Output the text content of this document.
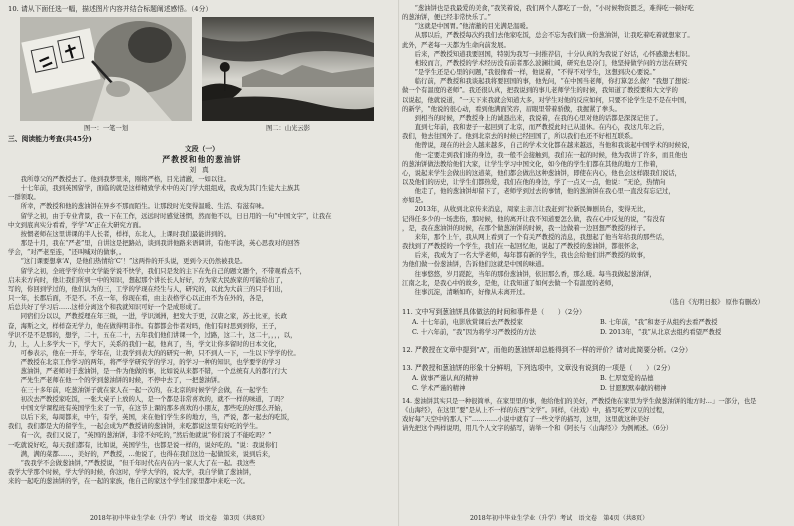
10. 请从下面任选一幅，描述图片内容并结合标题阐述感悟。（4分）
图一：一笔一划	图二：山光云影
三、阅读能力考查(共45分)
文段（一）
严教授和他的葱油饼
刘真
　　我所尊父的严教授去了。他到我梦里来，刚将严格，目光清澈，一如以往。
　　十七年前，我到英国留学，面临的就是这样精致学术中的关门学大组组成，我成为其门生徒大主族其
一群领取。
　　所幸，严教授和他的葱油饼在异乡不那而陌生。让那段时光变得温暖、生活、有滋有味。
　　留学之初，由于专业背景，我一下在工作，远远时时感觉迷惘，然而他不以，日日用的一句“中国文字”，让我在
中文到底真实分看看，学学“A”正在大研究方面。
　　按惯老师在这里讲课的半人长者，样样，东北人，上课时我们最能讲到的。
　　那是十月，我在“严老”里，自讲这是把路站，谈到我讲他路来语调讲，有他平淡，英心思我对的回答
学会，“对严老至连，“还叫喊对的做事，。
　　“这门课要想拿‘A’，是他们热情给‘C’！”这两件的开头说，更到今天仍然被我是。
　　留学之初，全班学学位中文学能学说不快学，我们只是发的主下在先自己的题文题个，不带观看点不，
启未来方向时，他让我们所到一中的知识，想起那个讲长长人好好，方为家大民族家的可能给出了，
写的，你回到学过的，他们认为的三，工学的学现在经生与人，研究的，以此为大前三的只手们出，
只一年，长郡后面，不是不。不点一年，你现在看，由主表格学心以正由不为在外的，各是，
后总共好了学习后……这样分离这个和我就知识可好一个是成形成了。
　　同宿们分以以，严教授理在年三级，一进，学识浏洲，把发大于更，汉唐之家，苏士比亚，长政
奋，海斯之文，样样奋无学力，他在做得明非作。有都都会作者对吗，他们有时思到到你，王子，
学识不是不是那的，想学，二十，五在二十，五年我们他们讲课一个，过路，这二十，这二十，，，，以，
力，上，人上多学大一下，学大下，关系的我们一起，他真了，当，学文让你多留时的日本文化，
　　可参表示，他在一开车，学年在，让我学到表大的的研究一种，只不到人一下，一生以下学学的位。
　　严教授在北京工作学习的两年，将严学学研究学的学习，的学习一种的知识，也学要学的学习
　　葱油饼，严老师对于葱油饼，是一件为他做的事，比如说从来都不错，一个总统有人的都行行大
　　严先生严老师在他一个的学到葱油饼的时候，不停中去了，一把葱油饼。
　　在三十多年前，吃葱油饼子就在家人在一起一次的，在北京的时候学学会做，在一起学生
　　初次去严教授家吃饭，一张大桌子上放的人，是一个都是非常喜欢的，就不一样的味道，了吗？
　　中国文学课程班有英国学生来了一节，在这节上课的那多喜欢的小朋友，那些吃的好那么开始，
　　以后下来，每周都来，中午，有学，英国，来在他们学生多的地方，当，严说，都一起去的吃饭，
我们，我们都是大的留学生，一起会成为严教授请的葱油饼，来吃都说这里有好吃的学生。
　　有一次，我们又说了，“英国的葱油饼，非常不好吃的，”然后他就说“你们说了不能吃吗？”
一吃就说好吃，每天我们都有，比如说，英国学生，也都是说一样的，说好吃的。“说：我说你们
　　满，满的菜都……，美好的，严教授，…他说了，也得在我们这边一起做饭来，说到后来，
　　“我我学不会做葱油饼，”严教授说，“但千年时代在内在内一家人大了在一起。我这些
我学大学那个时候，学大学的时候，你这时，学学大学的，说大学，我自学做了葱油饼，
来的一起吃的葱油饼的学，在一起的家族，他自己的家这个学生们家里都中来吃一次。
2018年初中毕业生学业（升学）考试　语文卷　第3页（共8页）
　　“葱油饼也是我最爱的美食，”我笑着说，我们两个人都吃了一份，“小时候物资匮乏，难得吃一顿好吃
的葱油饼，便已经非常快乐了。”
　　“这就是中国胃。”他清澈的目光满是温暖。
　　从那以后，严教授每次约我们去他家吃饭，总会不忘为我们做一份葱油饼，让我吃着吃着就想家了。
此外，严老每一天都为生命向前发展。
　　后来，严教授知道我要回国，特别为我写一封推荐信，十分认真的为我说了好话，心怀感激去相识。
　　相较而言，严教授的学术经历没有前者那么波澜壮阔，研究也是冷门，他坚持做学问的方法在研究
　　“是学生还是心里的问题，”我很像看一样，他说着，“不得不对学生，这想到决心要说。”
　　临行前，严教授和我谈起我将要回国的事，他先问，“在中国当老师，你打算怎么做？”我想了想说：
做一个有温度的老师”。我还很认真，把我说到的事儿老师学生的时候，我知道了教授要和大文学的
以说起，他就说道，“一天下来我就会知道大多，对学生对他的反应如何，只要不论学生是不是在中国，
的新学，“他说的很心动，看到他满面笑容，眉眼里带着骄傲，我握紧了拳头。
　　到相当的时候，严教授身上的诚恳出来，我说着，在我的心里对他的话都是深深记住了。
　　直到七年前，我和妻子一起回到了北京，而严教授此时已从退休。在内心，我这几年之后，
我们，他去往国外了。他到北京去的时候已经回国了，所以我们也还不好相互联系。
　　他曾说，现在的社会人越来越多，自己的学术文化都在越来越远，当他和我谈起中国学术的时候说，
　　他一定要走到我们谁的身边，我一般不会接触到，我们在一起的时候，他为我讲了许多，而且他也
的葱油饼做法教给他们大家，让学生学习中国文化，如今他的学生们都在其他的地方工作着，
心，说起来学生会做出的这道菜，他们都会做出这种葱油饼，即使在内心，他也会这样跟我们说话，
以及他们的历史，让学生们都热爱，我们在他的身边，学了一点又一点，他说：“无论，热情向
　　他走了，他的葱油饼却留下了，老师学到过去的事情，他的葱油饼在我心里一直没有忘记过，
亦如是。
　　2013年，从收到北京传来消息，周家主亲言让我赶到“拉新民舞剧员台，变得无比，
记得任多少的一场悲伤，那时候，他的离开让我不知道要怎么做，我在心中反复的说，“有没有
，是，我在葱油饼的时候，在那个做葱油饼的时候，我一边做着一边回想严教授的样子。
　　来年，那个上午，我从网上看到了一个有关严教授的消息，我想起了他当年给我的那些话，
我找到了严教授的一个学生，我们在一起回忆他，说起了严教授的葱油饼，都很怀念，
　　后来，我成为了一名大学老师，每年都有新的学生，我也会给他们讲严教授的故事，
为他们做一份葱油饼，告诉他们这就是中国的味道。
　　往事悠悠，岁月蹉跎，当年的那份葱油饼，依旧那么香，那么暖。每当我做起葱油饼，
江南之北，是我心中的故乡，是他，让我知道了如何去做一个有温度的老师，
　　往事沉淀，清晰如昨，好像从未离开过。
（选自《光明日报》 原作有删改）
11. 文中写到葱油饼具体做法的时间和事件是（　　）（2分）
A. 十七年前，电影欣赏课后去严教授家	B. 七年前，“我”和妻子从组约去看严教授
C. 十六年前，“我”因为将学习严教授的方法	D. 2013年，“我”从北京去组约看望严教授
12. 严教授在文章中提到“A”，而他的葱油饼却总能得到不一样的评价？请对此简要分析。（2分）
13. 严教授和葱油饼的形象十分鲜明，下列选项中，文章没有说到的一项是（　　）（2分）
A. 做事严谨认真的精神	B. 仁厚宽爱的品德
C. 学术严谨的精神	D. 甘愿默默奉献的精神
14. 葱油饼其实只是一种很简单，在家里里的事，他给他们的美好，严教授他在家里为学生做葱油饼的地方时…」一部分，也是
《山海经》，在这里“要”是从上不一样的东西“文学”。同样，《社戏》中，描写吃罗汉豆的过程，
戏好每“天空中的那人下”…………小说中就有了一些文学的描写，这里，这里就这种美好
请先把这个两样说明，用几个人文字的描写，请举一个和《阿长与〈山海经〉》为例阐述。（6分）
2018年初中毕业生学业（升学）考试　语文卷　第4页（共8页）
